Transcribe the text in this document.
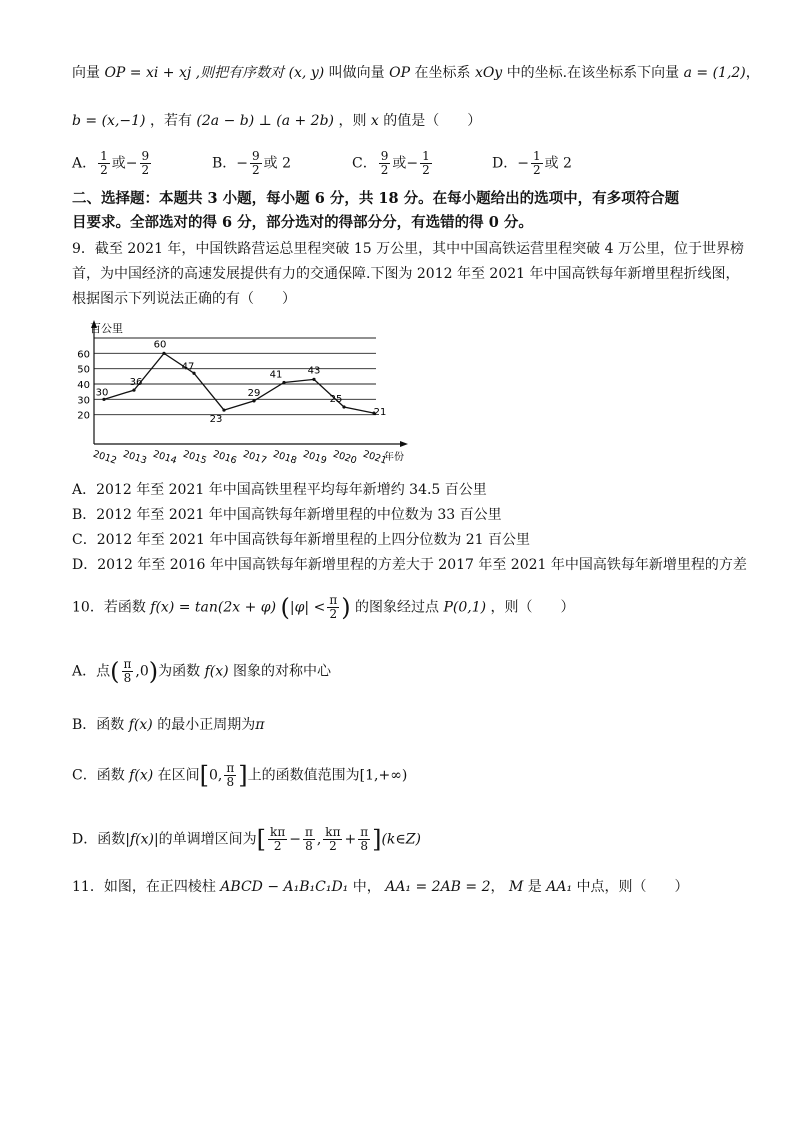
向量 OP = xi + xj ,则把有序数对 (x, y) 叫做向量 OP 在坐标系 xOy 中的坐标.在该坐标系下向量 a = (1,2)，
b = (x,−1) ，若有 (2a − b) ⊥ (a + 2b) ，则 x 的值是（　　）
A． $\frac{1}{2}$ 或− $\frac{9}{2}$	B．− $\frac{9}{2}$ 或 2	C． $\frac{9}{2}$ 或− $\frac{1}{2}$	D．− $\frac{1}{2}$ 或 2
二、选择题：本题共 3 小题，每小题 6 分，共 18 分。在每小题给出的选项中，有多项符合题
目要求。全部选对的得 6 分，部分选对的得部分分，有选错的得 0 分。
9．截至 2021 年，中国铁路营运总里程突破 15 万公里，其中中国高铁运营里程突破 4 万公里，位于世界榜
首，为中国经济的高速发展提供有力的交通保障.下图为 2012 年至 2021 年中国高铁每年新增里程折线图，
根据图示下列说法正确的有（　　）
20
30
40
50
60
2012 2013 2014 2015 2016 2017 2018 2019 2020 2021
30
36
60
47
23
29
41	43
25
21
百公里
年份
A．2012 年至 2021 年中国高铁里程平均每年新增约 34.5 百公里
B．2012 年至 2021 年中国高铁每年新增里程的中位数为 33 百公里
C．2012 年至 2021 年中国高铁每年新增里程的上四分位数为 21 百公里
D．2012 年至 2016 年中国高铁每年新增里程的方差大于 2017 年至 2021 年中国高铁每年新增里程的方差
10．若函数 f(x) = tan(2x + φ) ($|\varphi| < \frac{\pi}{2}$ ) 的图象经过点 P(0,1) ，则（　　）
A．点( $\frac{\pi}{8} ,0$)为函数 f(x) 图象的对称中心
B．函数 f(x) 的最小正周期为π
C．函数 f(x) 在区间[0, $\frac{\pi}{8}$ ]上的函数值范围为[1,+∞)
D．函数|f(x)|的单调增区间为[ $\frac{k\pi}{2} - \frac{\pi}{8}$ , $\frac{k\pi}{2} + \frac{\pi}{8}$ ](k∈Z)
11．如图，在正四棱柱 ABCD − A₁B₁C₁D₁ 中， AA₁ = 2AB = 2， M 是 AA₁ 中点，则（　　）
